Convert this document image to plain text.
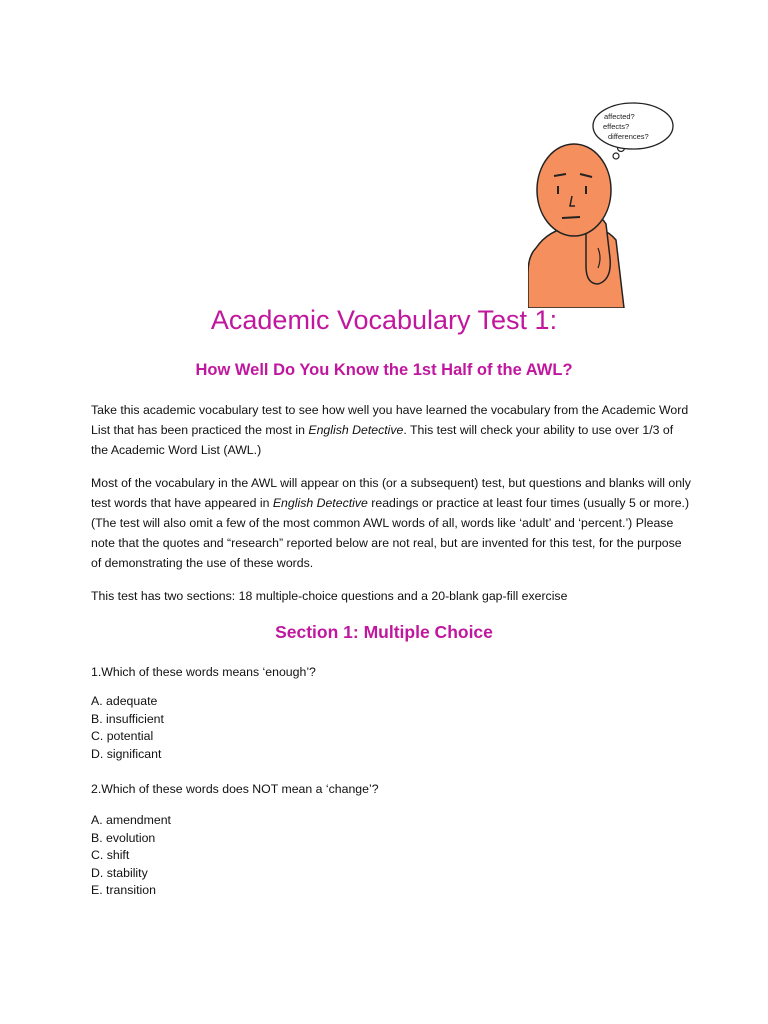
affected?
effects?
differences?
Academic Vocabulary Test 1:
How Well Do You Know the 1st Half of the AWL?

Take this academic vocabulary test to see how well you have learned the vocabulary from the Academic Word List that has been practiced the most in English Detective. This test will check your ability to use over 1/3 of the Academic Word List (AWL.)

Most of the vocabulary in the AWL will appear on this (or a subsequent) test, but questions and blanks will only test words that have appeared in English Detective readings or practice at least four times (usually 5 or more.) (The test will also omit a few of the most common AWL words of all, words like ‘adult’ and ‘percent.’) Please note that the quotes and “research” reported below are not real, but are invented for this test, for the purpose of demonstrating the use of these words.

This test has two sections: 18 multiple-choice questions and a 20-blank gap-fill exercise

Section 1: Multiple Choice

1.Which of these words means ‘enough’?

A. adequate
B. insufficient
C. potential
D. significant

2.Which of these words does NOT mean a ‘change’?

A. amendment
B. evolution
C. shift
D. stability
E. transition
